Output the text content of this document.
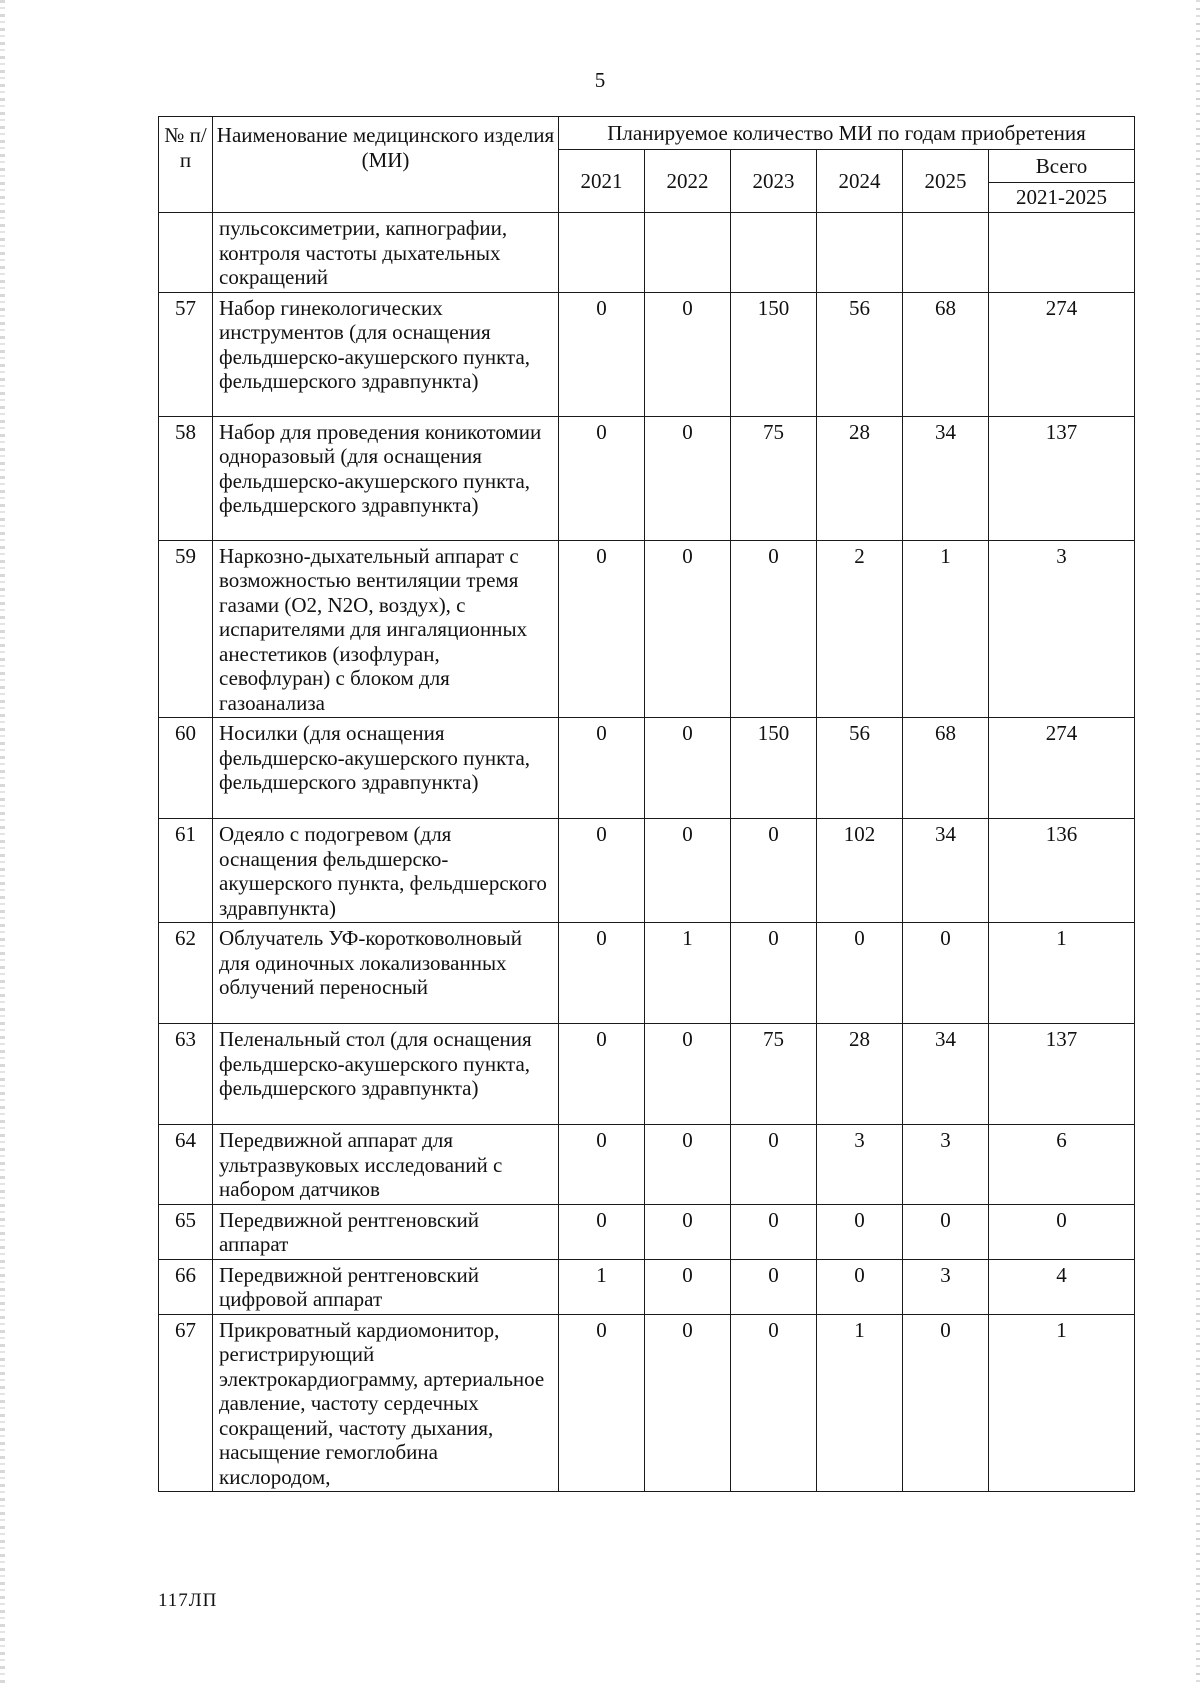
5
№ п/п	Наименование медицинского изделия (МИ)	Планируемое количество МИ по годам приобретения					
		2021	2022	2023	2024	2025	Всего
							2021-2025
	пульсоксиметрии, капнографии, контроля частоты дыхательных сокращений						
57	Набор гинекологических инструментов (для оснащения фельдшерско-акушерского пункта, фельдшерского здравпункта)	0	0	150	56	68	274
58	Набор для проведения коникотомии одноразовый (для оснащения фельдшерско-акушерского пункта, фельдшерского здравпункта)	0	0	75	28	34	137
59	Наркозно-дыхательный аппарат с возможностью вентиляции тремя газами (O2, N2O, воздух), с испарителями для ингаляционных анестетиков (изофлуран, севофлуран) с блоком для газоанализа	0	0	0	2	1	3
60	Носилки (для оснащения фельдшерско-акушерского пункта, фельдшерского здравпункта)	0	0	150	56	68	274
61	Одеяло с подогревом (для оснащения фельдшерско-акушерского пункта, фельдшерского здравпункта)	0	0	0	102	34	136
62	Облучатель УФ-коротковолновый для одиночных локализованных облучений переносный	0	1	0	0	0	1
63	Пеленальный стол (для оснащения фельдшерско-акушерского пункта, фельдшерского здравпункта)	0	0	75	28	34	137
64	Передвижной аппарат для ультразвуковых исследований с набором датчиков	0	0	0	3	3	6
65	Передвижной рентгеновский аппарат	0	0	0	0	0	0
66	Передвижной рентгеновский цифровой аппарат	1	0	0	0	3	4
67	Прикроватный кардиомонитор, регистрирующий электрокардиограмму, артериальное давление, частоту сердечных сокращений, частоту дыхания, насыщение гемоглобина кислородом,	0	0	0	1	0	1
117ЛП
